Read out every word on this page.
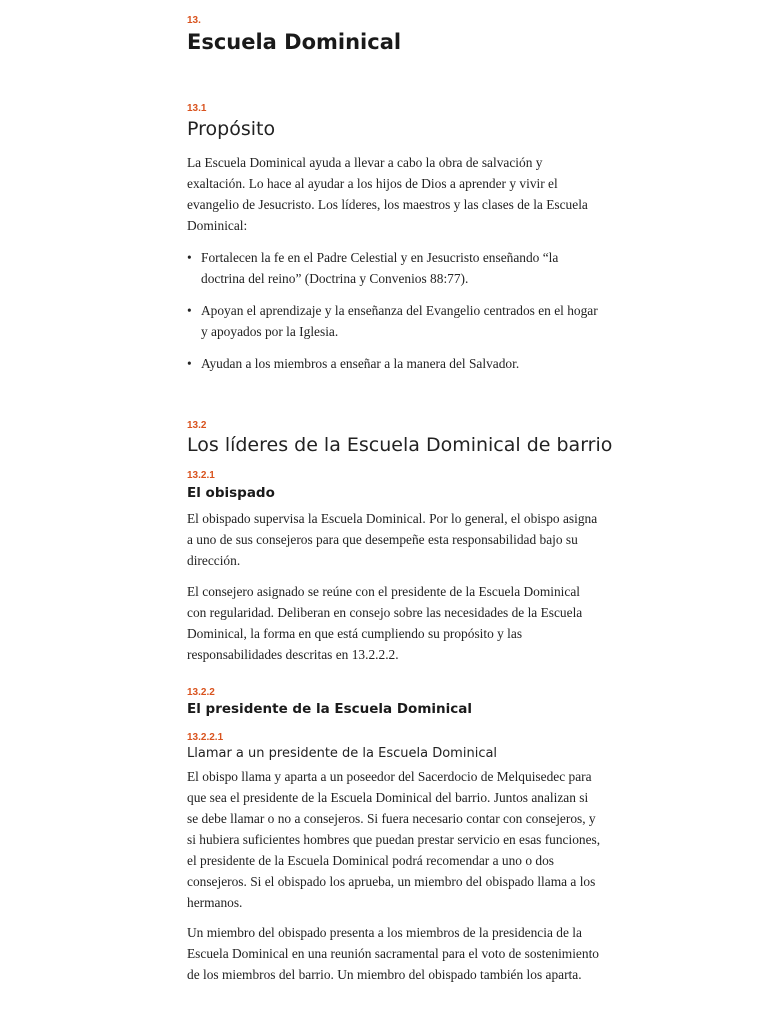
13.
Escuela Dominical
13.1
Propósito

La Escuela Dominical ayuda a llevar a cabo la obra de salvación y exaltación. Lo hace al ayudar a los hijos de Dios a aprender y vivir el evangelio de Jesucristo. Los líderes, los maestros y las clases de la Escuela Dominical:

• Fortalecen la fe en el Padre Celestial y en Jesucristo enseñando “la doctrina del reino” (Doctrina y Convenios 88:77).
• Apoyan el aprendizaje y la enseñanza del Evangelio centrados en el hogar y apoyados por la Iglesia.
• Ayudan a los miembros a enseñar a la manera del Salvador.
13.2
Los líderes de la Escuela Dominical de barrio
13.2.1
El obispado

El obispado supervisa la Escuela Dominical. Por lo general, el obispo asigna a uno de sus consejeros para que desempeñe esta responsabilidad bajo su dirección.

El consejero asignado se reúne con el presidente de la Escuela Dominical con regularidad. Deliberan en consejo sobre las necesidades de la Escuela Dominical, la forma en que está cumpliendo su propósito y las responsabilidades descritas en 13.2.2.2.

13.2.2
El presidente de la Escuela Dominical
13.2.2.1
Llamar a un presidente de la Escuela Dominical

El obispo llama y aparta a un poseedor del Sacerdocio de Melquisedec para que sea el presidente de la Escuela Dominical del barrio. Juntos analizan si se debe llamar o no a consejeros. Si fuera necesario contar con consejeros, y si hubiera suficientes hombres que puedan prestar servicio en esas funciones, el presidente de la Escuela Dominical podrá recomendar a uno o dos consejeros. Si el obispado los aprueba, un miembro del obispado llama a los hermanos.

Un miembro del obispado presenta a los miembros de la presidencia de la Escuela Dominical en una reunión sacramental para el voto de sostenimiento de los miembros del barrio. Un miembro del obispado también los aparta.
